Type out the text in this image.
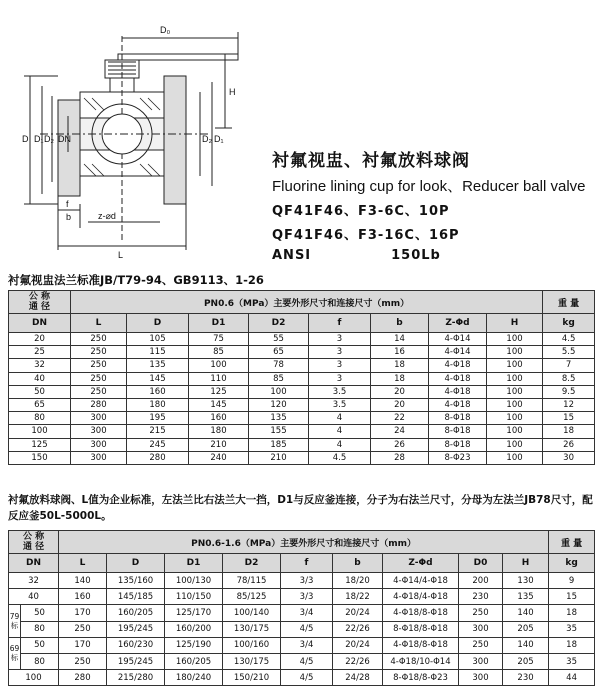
D₀
H
D D₁ D₂ DN	D₂ D₁
z-⌀d
b
f
L
衬氟视盅、衬氟放料球阀
Fluorine lining cup for look、Reducer ball valve
QF41F46、F3-6C、10P
QF41F46、F3-16C、16P
ANSI	150Lb
衬氟视盅法兰标准JB/T79-94、GB9113、1-26
公 称
通 径	PN0.6（MPa）主要外形尺寸和连接尺寸（mm）								重 量
DN	L	D	D1	D2	f	b	Z-Φd	H	kg
20	250	105	75	55	3	14	4-Φ14	100	4.5
25	250	115	85	65	3	16	4-Φ14	100	5.5
32	250	135	100	78	3	18	4-Φ18	100	7
40	250	145	110	85	3	18	4-Φ18	100	8.5
50	250	160	125	100	3.5	20	4-Φ18	100	9.5
65	280	180	145	120	3.5	20	4-Φ18	100	12
80	300	195	160	135	4	22	8-Φ18	100	15
100	300	215	180	155	4	24	8-Φ18	100	18
125	300	245	210	185	4	26	8-Φ18	100	26
150	300	280	240	210	4.5	28	8-Φ23	100	30
衬氟放料球阀、L值为企业标准，左法兰比右法兰大一挡，D1与反应釜连接，分子为右法兰尺寸，分母为左法兰JB78尺寸，配反应釜50L-5000L。
公 称
通 径		PN0.6-1.6（MPa）主要外形尺寸和连接尺寸（mm）									重 量
DN		L	D	D1	D2	f	b	Z-Φd	D0	H	kg
32		140	135/160	100/130	78/115	3/3	18/20	4-Φ14/4-Φ18	200	130	9
40		160	145/185	110/150	85/125	3/3	18/22	4-Φ18/4-Φ18	230	135	15
79标	50	170	160/205	125/170	100/140	3/4	20/24	4-Φ18/8-Φ18	250	140	18
	80	250	195/245	160/200	130/175	4/5	22/26	8-Φ18/8-Φ18	300	205	35
69标	50	170	160/230	125/190	100/160	3/4	20/24	4-Φ18/8-Φ18	250	140	18
	80	250	195/245	160/205	130/175	4/5	22/26	4-Φ18/10-Φ14	300	205	35
100		280	215/280	180/240	150/210	4/5	24/28	8-Φ18/8-Φ23	300	230	44
